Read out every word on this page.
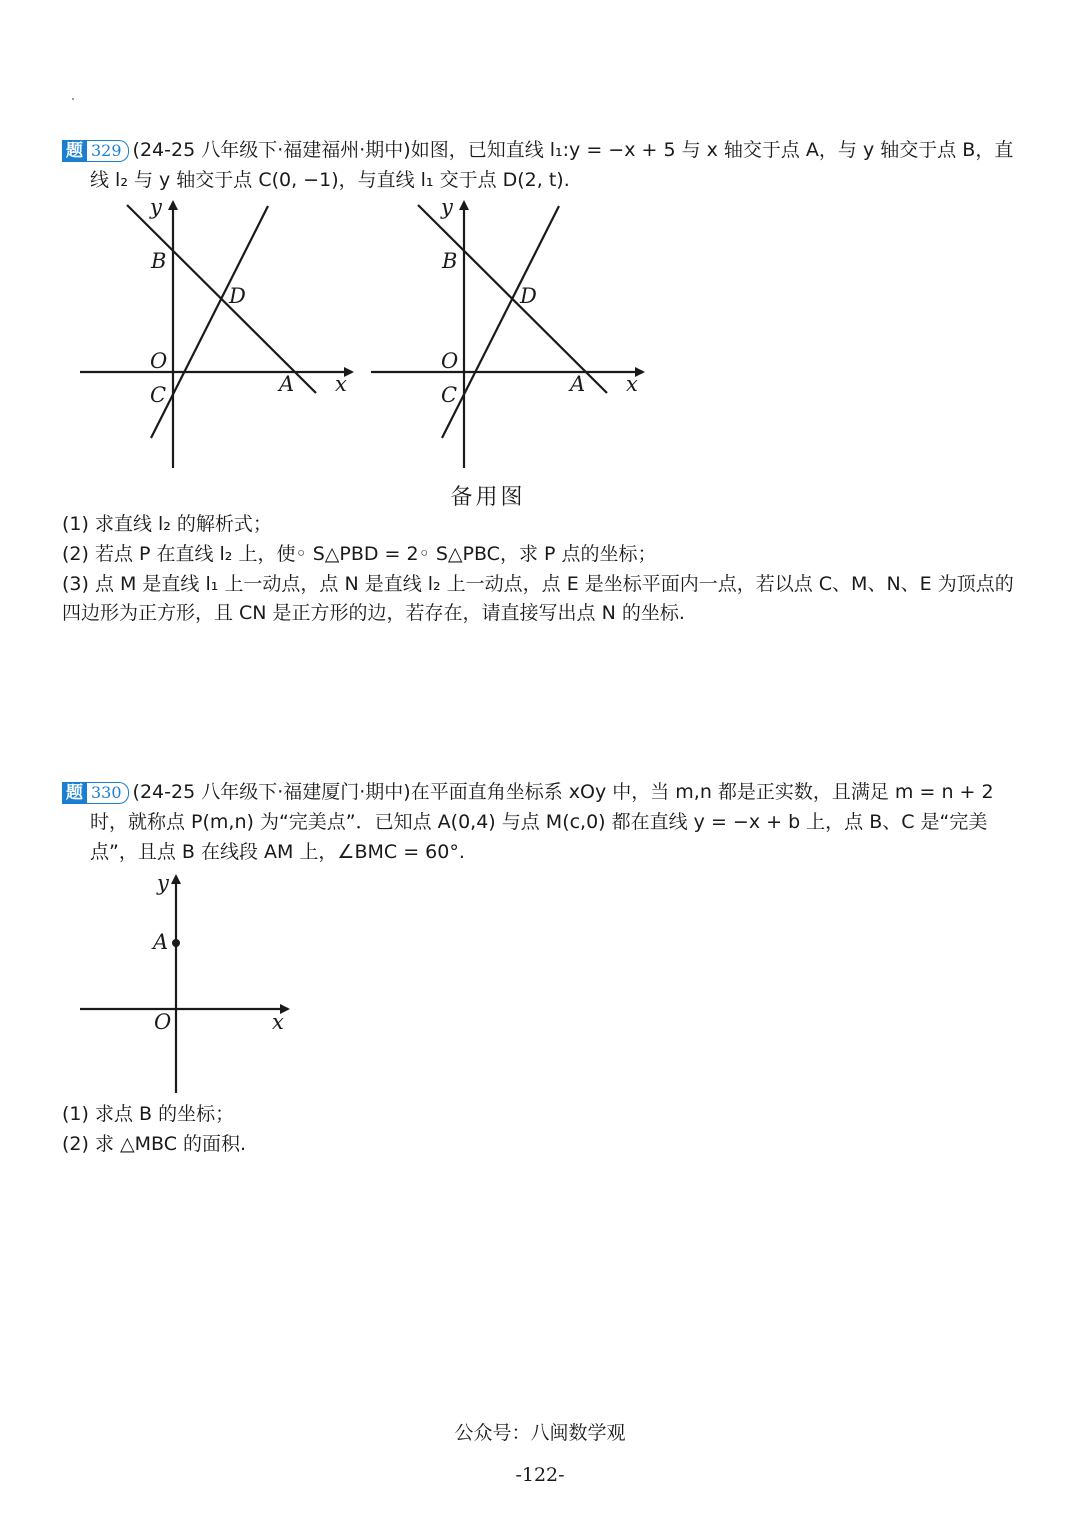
题 329 (24-25 八年级下·福建福州·期中)如图，已知直线 l₁:y = −x + 5 与 x 轴交于点 A，与 y 轴交于点 B，直
线 l₂ 与 y 轴交于点 C(0, −1)，与直线 l₁ 交于点 D(2, t).
y
B
D
O
C	A x
y
B
D
O
C	A x
y
A
O	x
备用图
(1) 求直线 l₂ 的解析式；
(2) 若点 P 在直线 l₂ 上，使◦ S△PBD = 2◦ S△PBC，求 P 点的坐标；
(3) 点 M 是直线 l₁ 上一动点，点 N 是直线 l₂ 上一动点，点 E 是坐标平面内一点，若以点 C、M、N、E 为顶点的
四边形为正方形，且 CN 是正方形的边，若存在，请直接写出点 N 的坐标.
题 330 (24-25 八年级下·福建厦门·期中)在平面直角坐标系 xOy 中，当 m,n 都是正实数，且满足 m = n + 2
时，就称点 P(m,n) 为“完美点”．已知点 A(0,4) 与点 M(c,0) 都在直线 y = −x + b 上，点 B、C 是“完美
点”，且点 B 在线段 AM 上，∠BMC = 60°.
(1) 求点 B 的坐标；
(2) 求 △MBC 的面积.
公众号：八闽数学观
-122-
